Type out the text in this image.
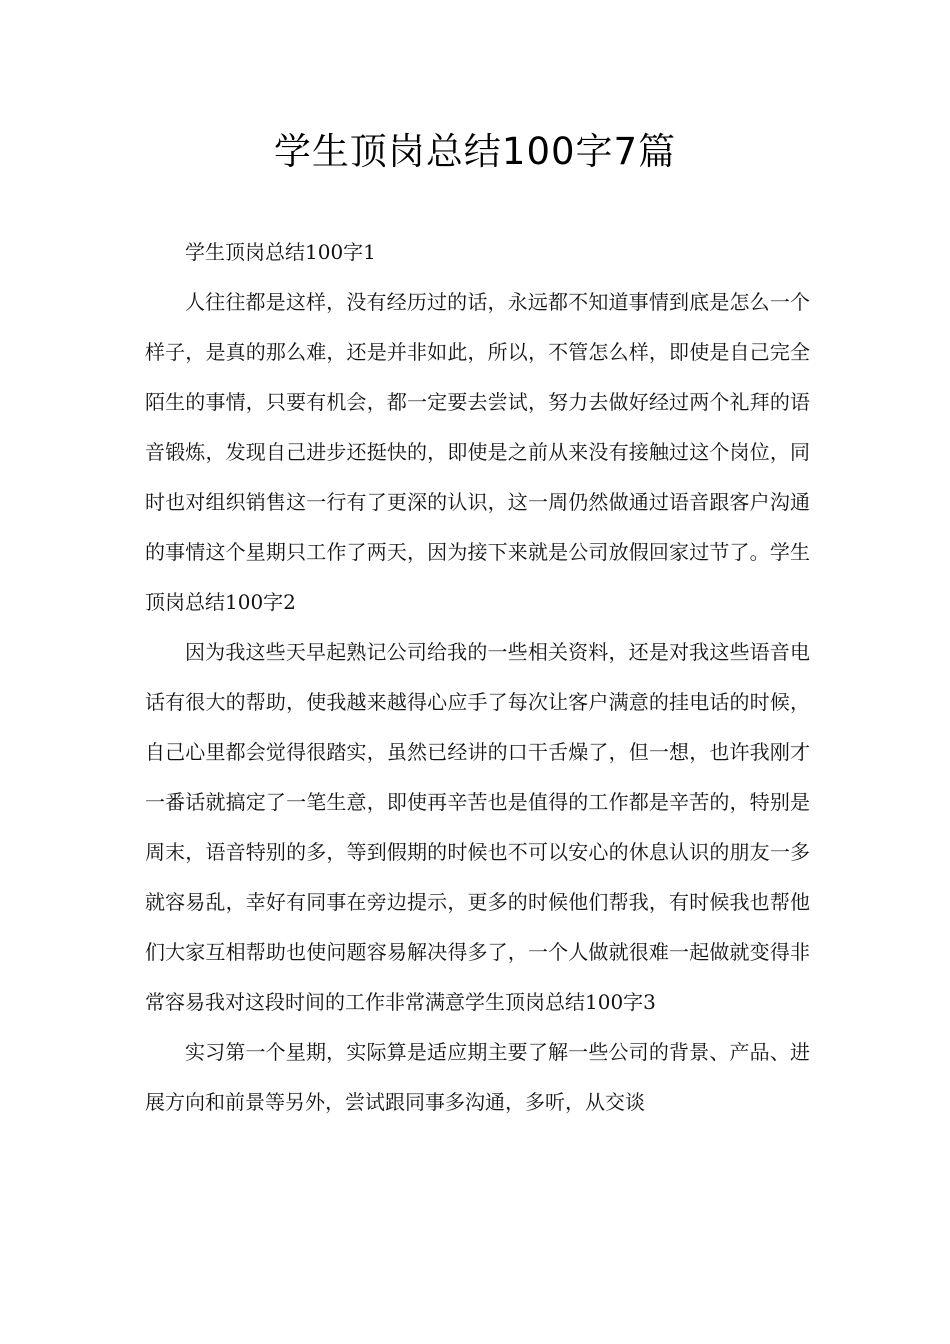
学生顶岗总结100字7篇

学生顶岗总结100字1

人往往都是这样，没有经历过的话，永远都不知道事情到底是怎么一个样子，是真的那么难，还是并非如此，所以，不管怎么样，即使是自己完全陌生的事情，只要有机会，都一定要去尝试，努力去做好经过两个礼拜的语音锻炼，发现自己进步还挺快的，即使是之前从来没有接触过这个岗位，同时也对组织销售这一行有了更深的认识，这一周仍然做通过语音跟客户沟通的事情这个星期只工作了两天，因为接下来就是公司放假回家过节了。学生顶岗总结100字2

因为我这些天早起熟记公司给我的一些相关资料，还是对我这些语音电话有很大的帮助，使我越来越得心应手了每次让客户满意的挂电话的时候，自己心里都会觉得很踏实，虽然已经讲的口干舌燥了，但一想，也许我刚才一番话就搞定了一笔生意，即使再辛苦也是值得的工作都是辛苦的，特别是周末，语音特别的多，等到假期的时候也不可以安心的休息认识的朋友一多就容易乱，幸好有同事在旁边提示，更多的时候他们帮我，有时候我也帮他们大家互相帮助也使问题容易解决得多了，一个人做就很难一起做就变得非常容易我对这段时间的工作非常满意学生顶岗总结100字3

实习第一个星期，实际算是适应期主要了解一些公司的背景、产品、进展方向和前景等另外，尝试跟同事多沟通，多听，从交谈
